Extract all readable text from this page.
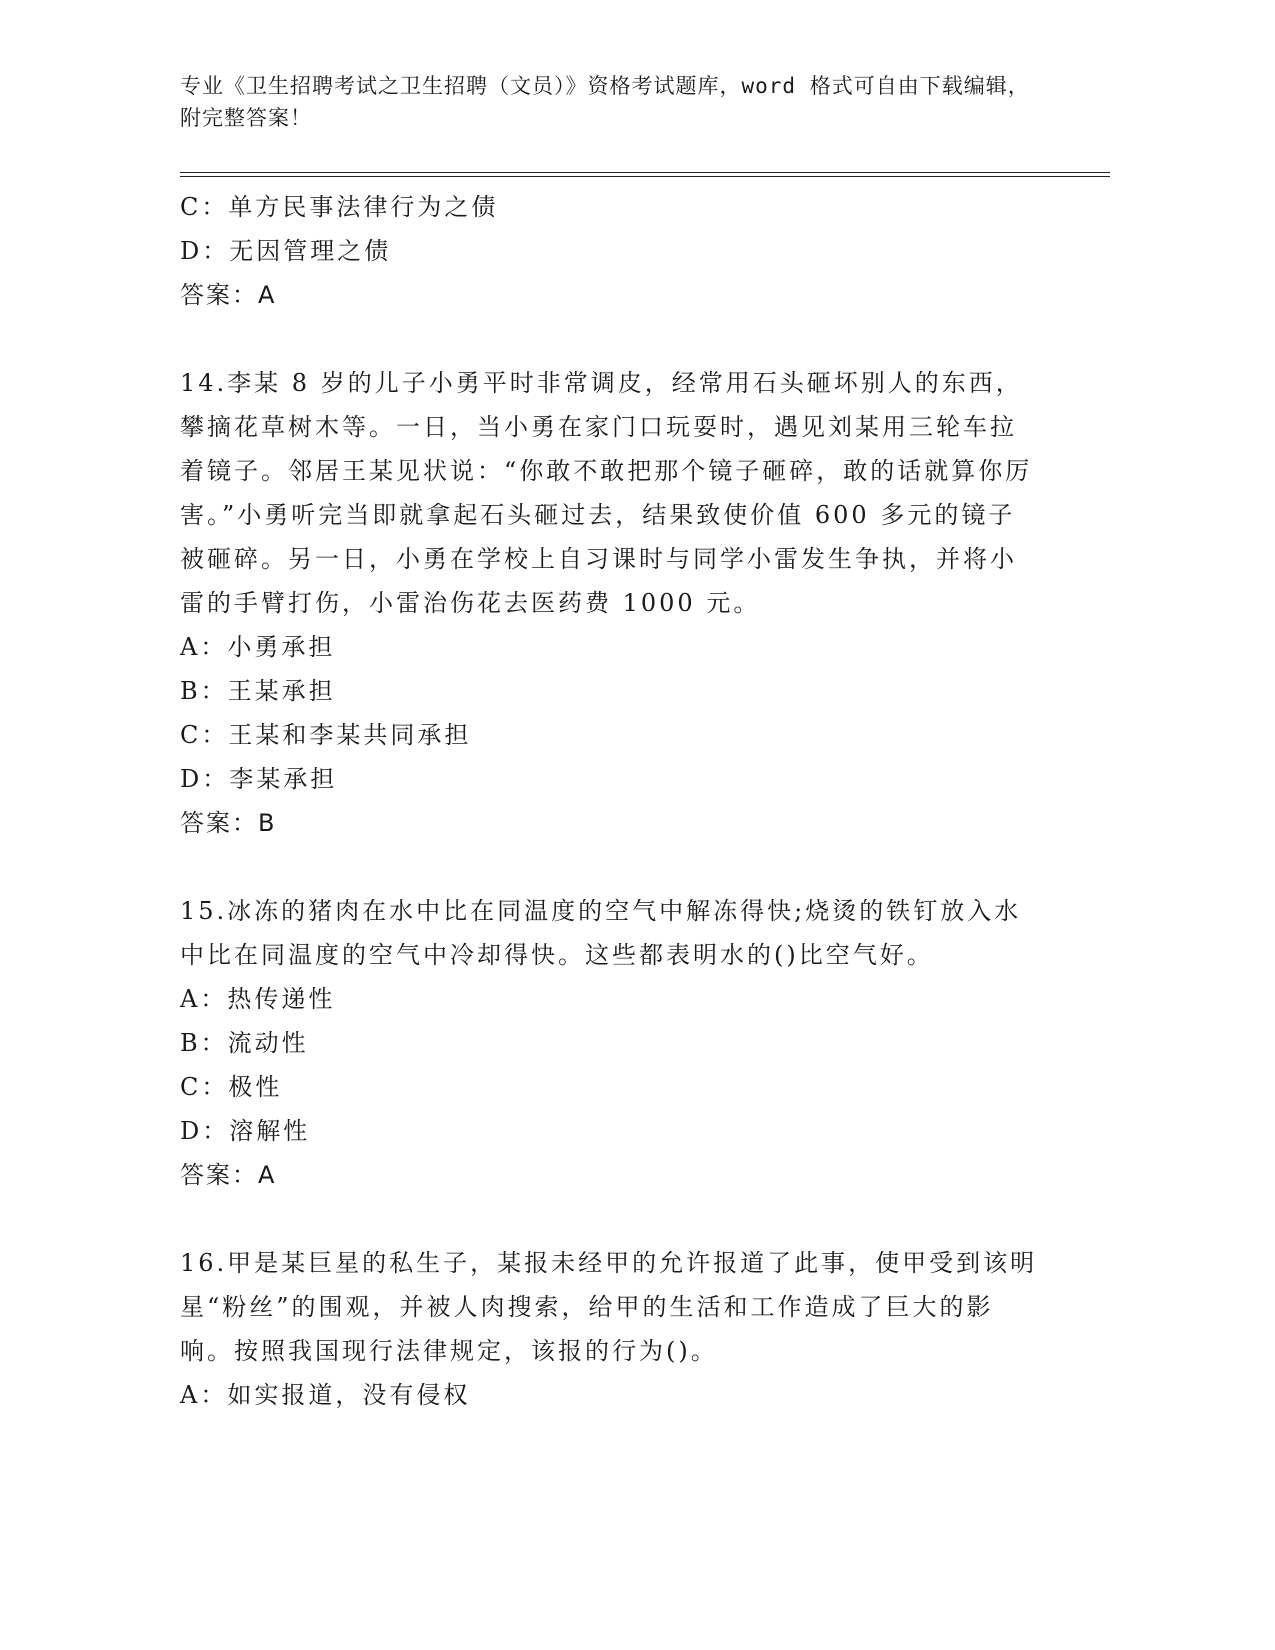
专业《卫生招聘考试之卫生招聘（文员）》资格考试题库，word 格式可自由下载编辑，附完整答案！
C：单方民事法律行为之债
D：无因管理之债
答案：A
14.李某 8 岁的儿子小勇平时非常调皮，经常用石头砸坏别人的东西，攀摘花草树木等。一日，当小勇在家门口玩耍时，遇见刘某用三轮车拉着镜子。邻居王某见状说：“你敢不敢把那个镜子砸碎，敢的话就算你厉害。”小勇听完当即就拿起石头砸过去，结果致使价值 600 多元的镜子被砸碎。另一日，小勇在学校上自习课时与同学小雷发生争执，并将小雷的手臂打伤，小雷治伤花去医药费 1000 元。
A：小勇承担
B：王某承担
C：王某和李某共同承担
D：李某承担
答案：B
15.冰冻的猪肉在水中比在同温度的空气中解冻得快;烧烫的铁钉放入水中比在同温度的空气中冷却得快。这些都表明水的()比空气好。
A：热传递性
B：流动性
C：极性
D：溶解性
答案：A
16.甲是某巨星的私生子，某报未经甲的允许报道了此事，使甲受到该明星“粉丝”的围观，并被人肉搜索，给甲的生活和工作造成了巨大的影响。按照我国现行法律规定，该报的行为()。
A：如实报道，没有侵权
